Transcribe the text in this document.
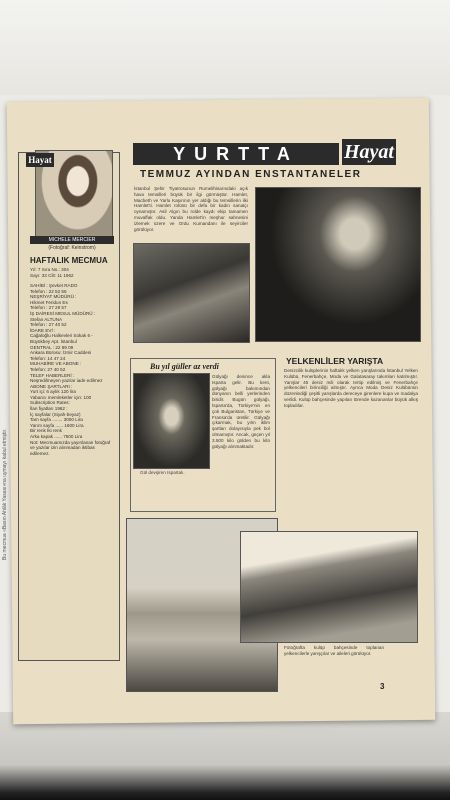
Hayat
MICHELE MERCIER
(Fotoğraf: Keinstrom)
HAFTALIK MECMUA
Yıl: 7 Sıra No.: 304
Sayı: 33 Cilt: 11 1962
SAHİBİ : Şevket RADO
Telefon : 22 52 56
NEŞRİYAT MÜDÜRÜ :
Hikmet Feridun Es
Telefon : 27 29 57
İŞ DAİRESİ MESUL MÜDÜRÜ :
Stefan ALTUNA
Telefon : 27 40 52
İDARE EVİ :
Cağaloğlu Halkevleri Sokak 6 -
Büyükbey Apt. İstanbul
GENTRAL : 22 89 09
Ankara Bürosu: İzmir Caddesi
Telefon: 14 47 24
MUHABİRE VE ABONE :
Telefon: 27 40 52
TELEF HABERLERİ :
Neşredilmeyen yazılar iade edilmez
ABONE ŞARTLARI :
Yurt içi: 6 aylık 120 lira
Yabancı memleketler için: 100
Subscription Rates:
İlan fiyatları 1962 :
İç sayfalar (Siyah-beyaz)
Tam sayfa ........ 3000 Lira
Yarım sayfa ...... 1600 Lira
Bir renk İki renk
Arka kapak ...... 7500 Lira
Not: Mecmuamızda yayınlanan fotoğraf ve yazılar izin alınmadan iktibas edilemez.
Bu mecmua «Basın Ahlâk Yasası»na uymayı kabul etmiştir.
YURTTA	Hayat
TEMMUZ AYINDAN ENSTANTANELER
İstanbul Şehir Tiyatrosunun Rumelihisarındaki açık hava temsilleri büyük bir ilgi görmüştür. Hamlet, Macbeth ve Yarlu Kaşırının yer aldığı bu temsillerin ilki Hamlet'ti. Hamlet rolünü bir defa bir kadın sanatçı oynamıştır. Asil Algın bu rolde kaydı ekip tamamen muvaffak oldu. Yanda Hamlet'in meşhur sahnesini izlemek üzere ve Ordu Kumandanı ile seyirciler görülüyor.
Bu yıl güller az verdi
Gül devşiren Ispartalı.
Gülyağı denince akla Isparta gelir. Bu kent, gülyağı bakımından dünyanın belli yerlerinden biridir. Bugün gülyağı, İsparta'da, Türkiye'nin en çok Bulgaristan, Türkiye ve Fransa'da üretilir. Gülyağı çıkarmak, bu yılın iklim şartları dolayısıyla pek bol olmamıştır. Ancak, geçen yıl 3.500 kilo gülden bu kilo gülyağı alınmaktadır.
YELKENLİLER YARIŞTA
Denizcilik kulüplerinin haftalık yelken yarışlarında İstanbul Yelken Kulübü, Fenerbahçe, Moda ve Galatasaray takımları katılmıştır. Yarışlar 45 deniz mili olarak tertip edilmiş ve Fenerbahçe yelkencileri birinciliği almıştır. Ayrıca Moda Deniz Kulübünün düzenlediği çeşitli yarışlarda dereceye girenlere kupa ve madalya verildi. Kulüp bahçesinde yapılan törende kazananlar büyük alkış topladılar.
Fotoğrafta kulüp bahçesinde toplanan yelkencilerle yarışçılar ve aileleri görülüyor.
3
